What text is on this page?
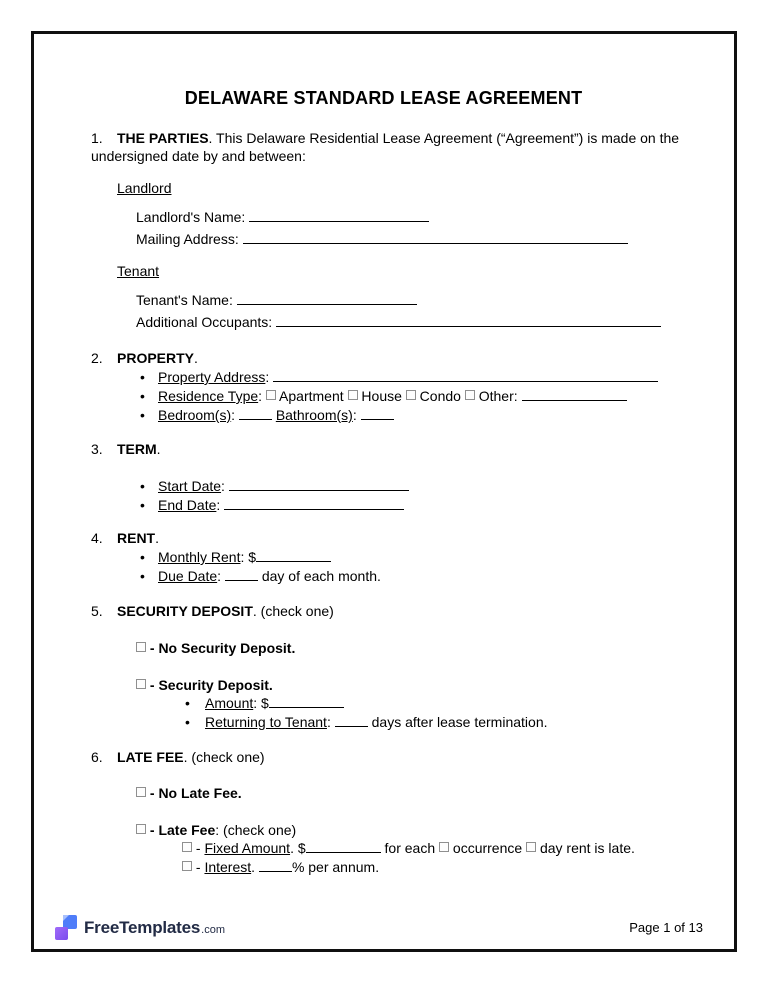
DELAWARE STANDARD LEASE AGREEMENT
1. THE PARTIES. This Delaware Residential Lease Agreement (“Agreement”) is made on the undersigned date by and between:
Landlord
Landlord's Name:
Mailing Address:
Tenant
Tenant's Name:
Additional Occupants:
2. PROPERTY.
• Property Address:
• Residence Type: Apartment House Condo Other:
• Bedroom(s):	Bathroom(s):
3. TERM.
• Start Date:
• End Date:
4. RENT.
• Monthly Rent: $
• Due Date:	day of each month.
5. SECURITY DEPOSIT. (check one)
- No Security Deposit.
- Security Deposit.
• Amount: $
• Returning to Tenant:	days after lease termination.
6. LATE FEE. (check one)
- No Late Fee.
- Late Fee: (check one)
- Fixed Amount. $	for each occurrence day rent is late.
- Interest.	% per annum.
FreeTemplates .com	Page 1 of 13
